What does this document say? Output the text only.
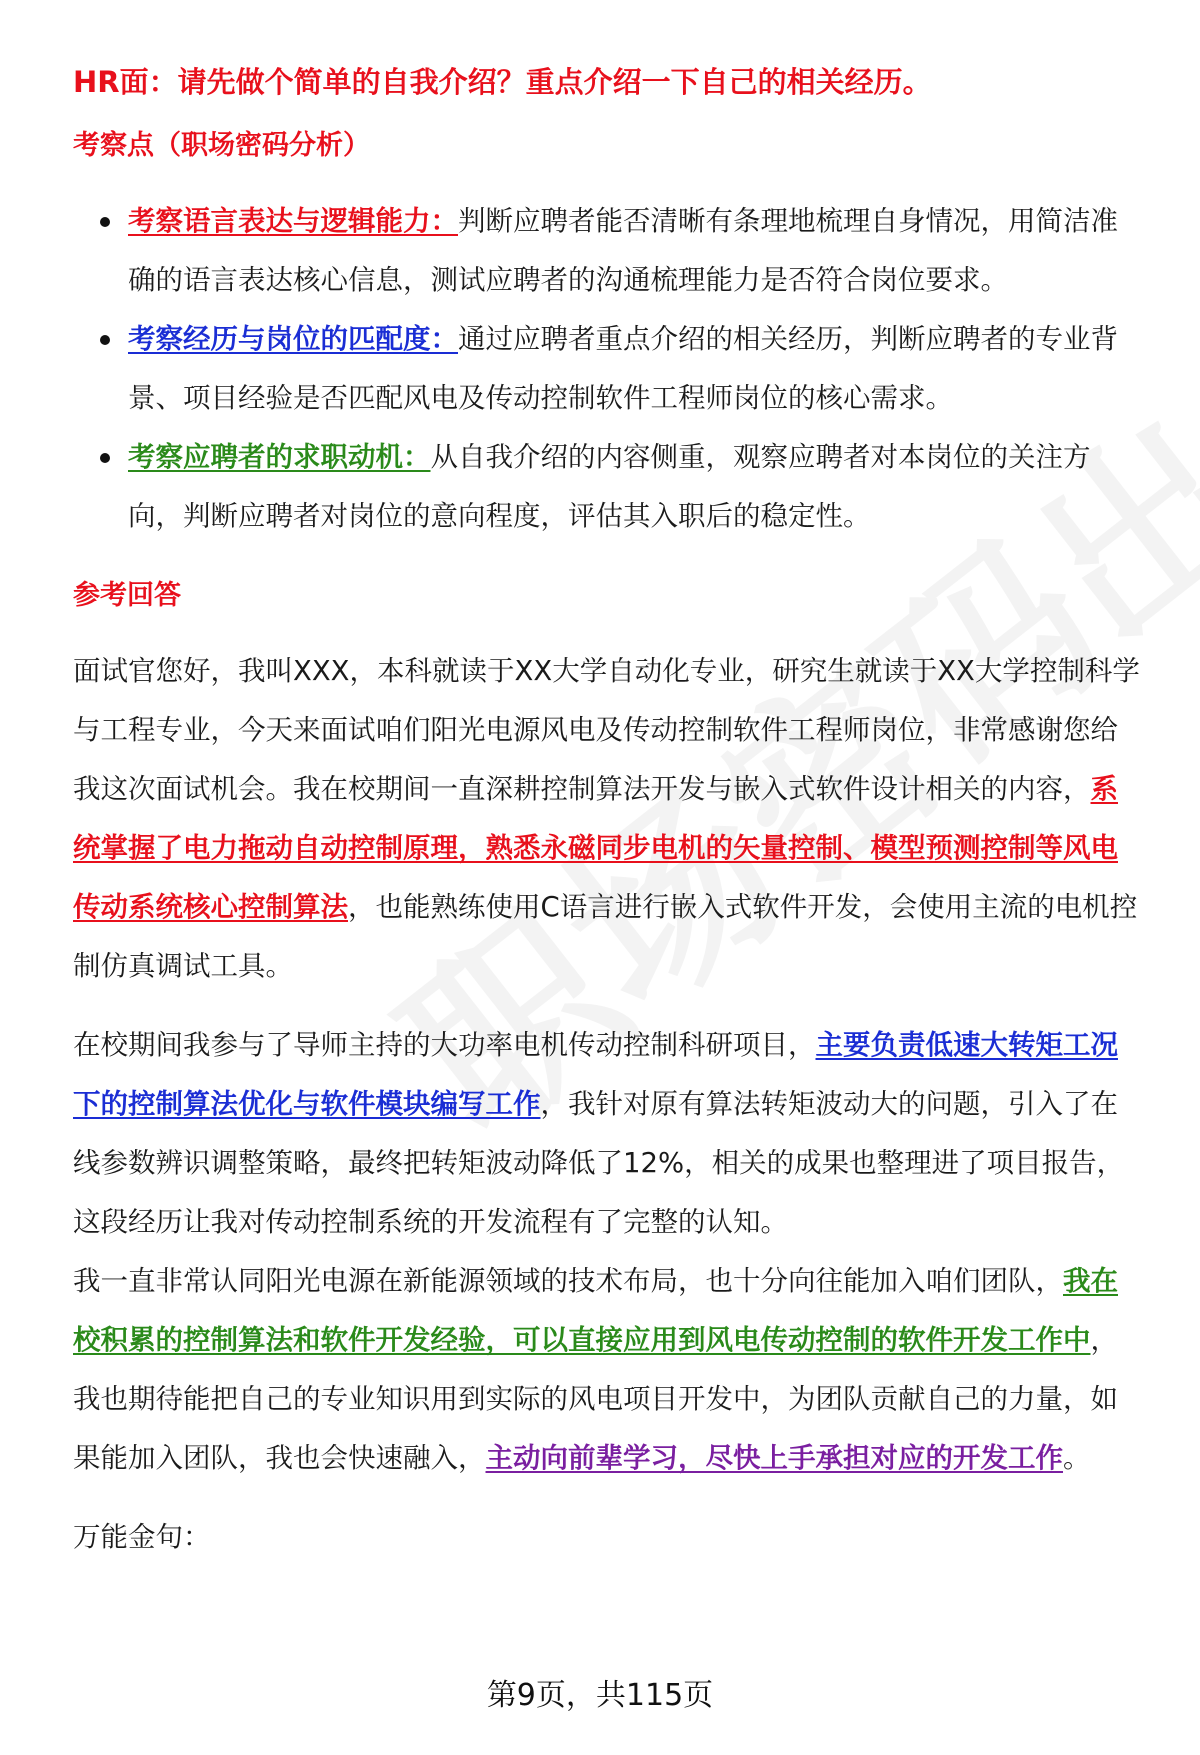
HR面：请先做个简单的自我介绍？重点介绍一下自己的相关经历。
考察点（职场密码分析）
考察语言表达与逻辑能力：判断应聘者能否清晰有条理地梳理自身情况，用简洁准确的语言表达核心信息，测试应聘者的沟通梳理能力是否符合岗位要求。
考察经历与岗位的匹配度：通过应聘者重点介绍的相关经历，判断应聘者的专业背景、项目经验是否匹配风电及传动控制软件工程师岗位的核心需求。
考察应聘者的求职动机：从自我介绍的内容侧重，观察应聘者对本岗位的关注方向，判断应聘者对岗位的意向程度，评估其入职后的稳定性。
参考回答

面试官您好，我叫XXX，本科就读于XX大学自动化专业，研究生就读于XX大学控制科学与工程专业，今天来面试咱们阳光电源风电及传动控制软件工程师岗位，非常感谢您给我这次面试机会。我在校期间一直深耕控制算法开发与嵌入式软件设计相关的内容，系统掌握了电力拖动自动控制原理，熟悉永磁同步电机的矢量控制、模型预测控制等风电传动系统核心控制算法，也能熟练使用C语言进行嵌入式软件开发，会使用主流的电机控制仿真调试工具。

在校期间我参与了导师主持的大功率电机传动控制科研项目，主要负责低速大转矩工况下的控制算法优化与软件模块编写工作，我针对原有算法转矩波动大的问题，引入了在线参数辨识调整策略，最终把转矩波动降低了12%，相关的成果也整理进了项目报告，这段经历让我对传动控制系统的开发流程有了完整的认知。

我一直非常认同阳光电源在新能源领域的技术布局，也十分向往能加入咱们团队，我在校积累的控制算法和软件开发经验，可以直接应用到风电传动控制的软件开发工作中，我也期待能把自己的专业知识用到实际的风电项目开发中，为团队贡献自己的力量，如果能加入团队，我也会快速融入，主动向前辈学习，尽快上手承担对应的开发工作。

万能金句：

第9页，共115页
